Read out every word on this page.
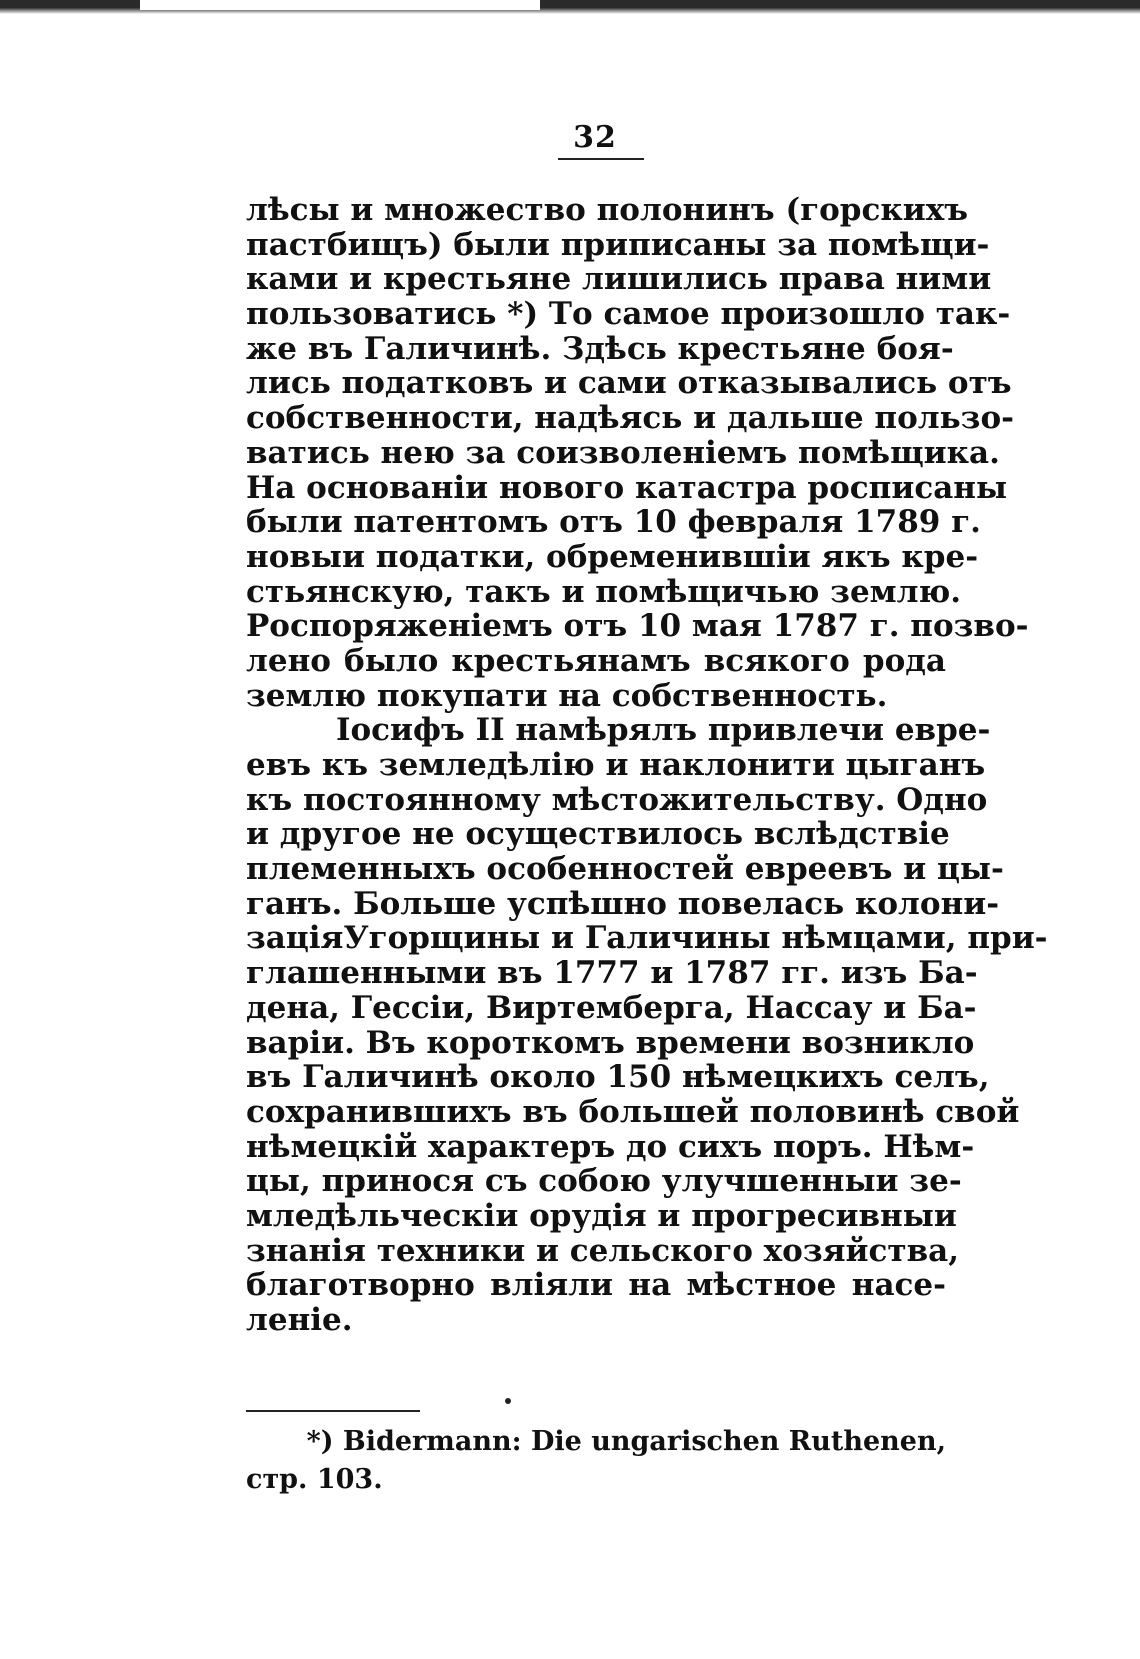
32
лѣсы и множество полонинъ (горскихъ
пастбищъ) были приписаны за помѣщи-
ками и крестьяне лишились права ними
пользоватись *) То самое произошло так-
же въ Галичинѣ. Здѣсь крестьяне боя-
лись податковъ и сами отказывались отъ
собственности, надѣясь и дальше пользо-
ватись нею за соизволенiемъ помѣщика.
На основанiи нового катастра росписаны
были патентомъ отъ 10 февраля 1789 г.
новыи податки, обременившiи якъ кре-
стьянскую, такъ и помѣщичью землю.
Роспоряженiемъ отъ 10 мая 1787 г. позво-
лено было крестьянамъ всякого рода
землю покупати на собственность.
Iосифъ II намѣрялъ привлечи евре-
евъ къ земледѣлiю и наклонити цыганъ
къ постоянному мѣстожительству. Одно
и другое не осуществилось вслѣдствiе
племенныхъ особенностей евреевъ и цы-
ганъ. Больше успѣшно повелась колони-
зацiяУгорщины и Галичины нѣмцами, при-
глашенными въ 1777 и 1787 гг. изъ Ба-
дена, Гессiи, Виртемберга, Нассау и Ба-
варiи. Въ короткомъ времени возникло
въ Галичинѣ около 150 нѣмецкихъ селъ,
сохранившихъ въ большей половинѣ свой
нѣмецкiй характеръ до сихъ поръ. Нѣм-
цы, принося съ собою улучшенныи зе-
мледѣльческiи орудiя и прогресивныи
знанiя техники и сельского хозяйства,
благотворно влiяли на мѣстное насе-
ленiе.
*) Bidermann: Die ungarischen Ruthenen,
стр. 103.
